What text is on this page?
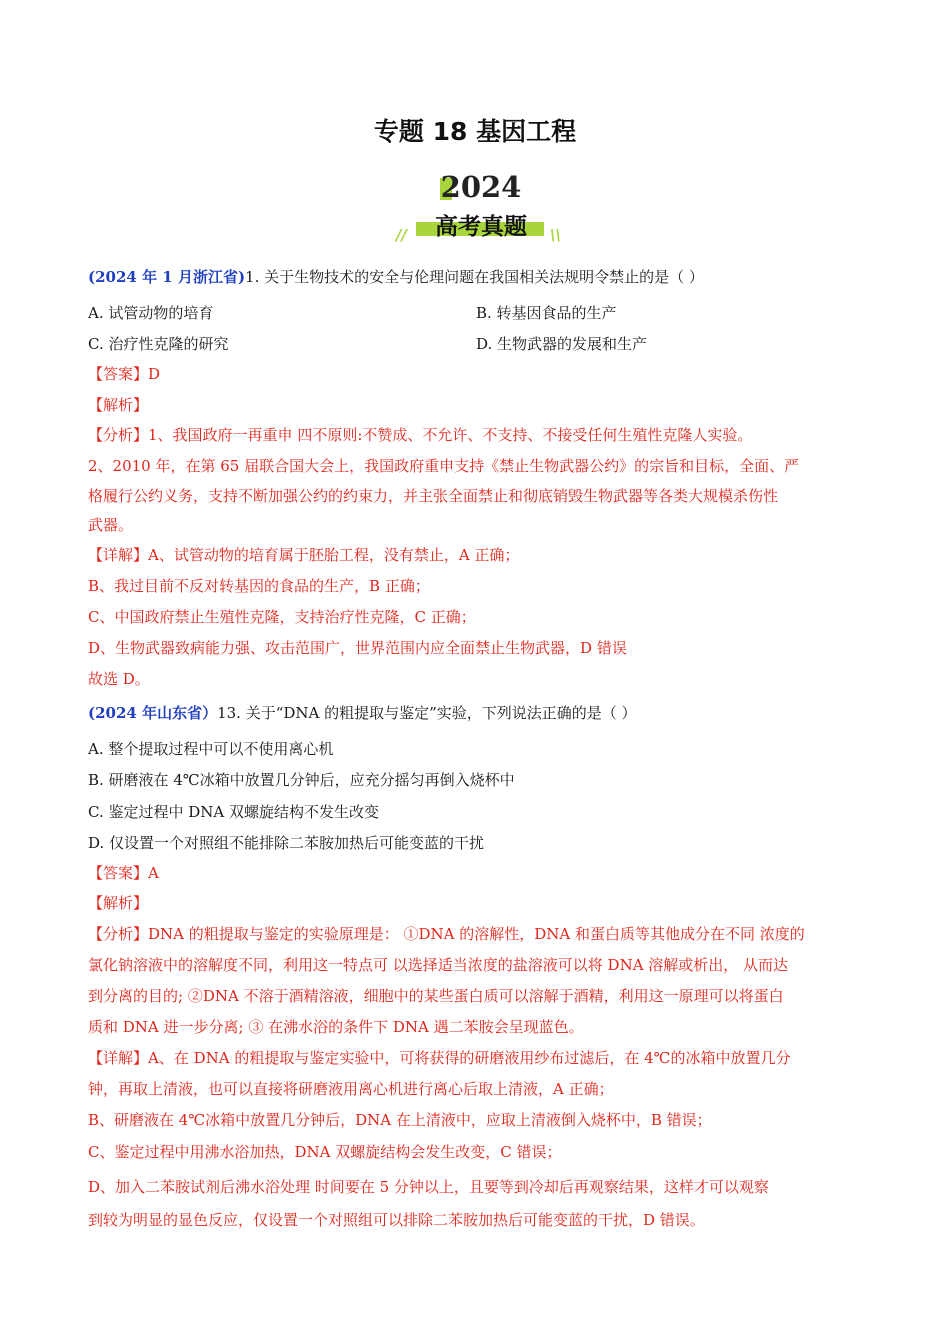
专题 18 基因工程
2024
//	高考真题	\\
(2024 年 1 月浙江省)1. 关于生物技术的安全与伦理问题在我国相关法规明令禁止的是（ ）
A. 试管动物的培育	B. 转基因食品的生产
C. 治疗性克隆的研究	D. 生物武器的发展和生产
【答案】D
【解析】
【分析】1、我国政府一再重申 四不原则:不赞成、不允许、不支持、不接受任何生殖性克隆人实验。
2、2010 年，在第 65 届联合国大会上，我国政府重申支持《禁止生物武器公约》的宗旨和目标，全面、严
格履行公约义务，支持不断加强公约的约束力，并主张全面禁止和彻底销毁生物武器等各类大规模杀伤性
武器。
【详解】A、试管动物的培育属于胚胎工程，没有禁止，A 正确；
B、我过目前不反对转基因的食品的生产，B 正确；
C、中国政府禁止生殖性克隆，支持治疗性克隆，C 正确；
D、生物武器致病能力强、攻击范围广，世界范围内应全面禁止生物武器，D 错误
故选 D。
(2024 年山东省）13. 关于“DNA 的粗提取与鉴定”实验，下列说法正确的是（ ）
A. 整个提取过程中可以不使用离心机
B. 研磨液在 4℃冰箱中放置几分钟后，应充分摇匀再倒入烧杯中
C. 鉴定过程中 DNA 双螺旋结构不发生改变
D. 仅设置一个对照组不能排除二苯胺加热后可能变蓝的干扰
【答案】A
【解析】
【分析】DNA 的粗提取与鉴定的实验原理是： ①DNA 的溶解性，DNA 和蛋白质等其他成分在不同 浓度的
氯化钠溶液中的溶解度不同，利用这一特点可 以选择适当浓度的盐溶液可以将 DNA 溶解或析出， 从而达
到分离的目的; ②DNA 不溶于酒精溶液，细胞中的某些蛋白质可以溶解于酒精，利用这一原理可以将蛋白
质和 DNA 进一步分离; ③ 在沸水浴的条件下 DNA 遇二苯胺会呈现蓝色。
【详解】A、在 DNA 的粗提取与鉴定实验中，可将获得的研磨液用纱布过滤后，在 4℃的冰箱中放置几分
钟，再取上清液，也可以直接将研磨液用离心机进行离心后取上清液，A 正确；
B、研磨液在 4℃冰箱中放置几分钟后，DNA 在上清液中，应取上清液倒入烧杯中，B 错误；
C、鉴定过程中用沸水浴加热，DNA 双螺旋结构会发生改变，C 错误；
D、加入二苯胺试剂后沸水浴处理 时间要在 5 分钟以上，且要等到冷却后再观察结果，这样才可以观察
到较为明显的显色反应，仅设置一个对照组可以排除二苯胺加热后可能变蓝的干扰，D 错误。
